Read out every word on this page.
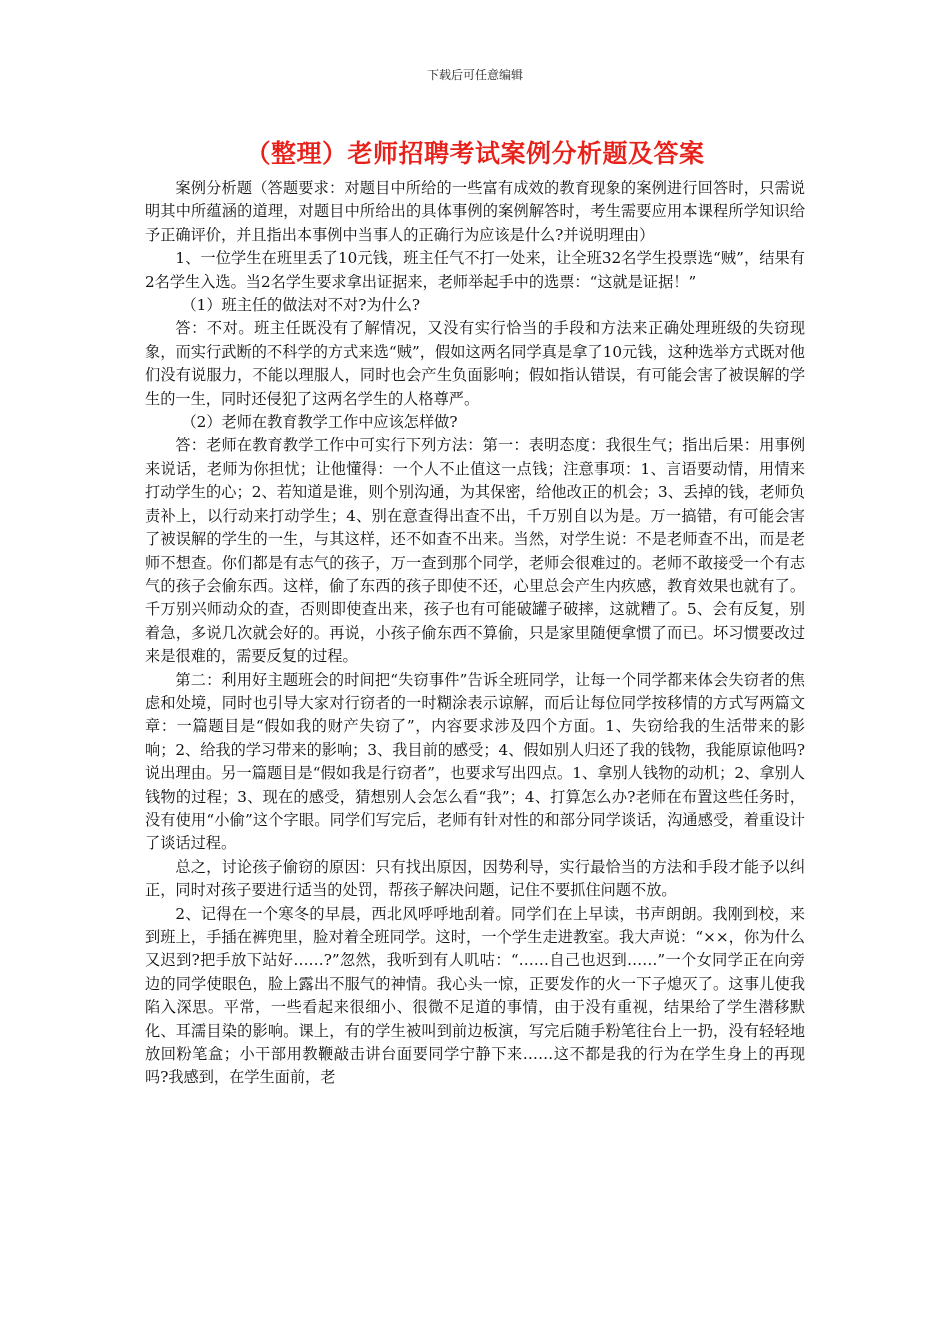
下载后可任意编辑
（整理）老师招聘考试案例分析题及答案

案例分析题（答题要求：对题目中所给的一些富有成效的教育现象的案例进行回答时，只需说明其中所蕴涵的道理，对题目中所给出的具体事例的案例解答时，考生需要应用本课程所学知识给予正确评价，并且指出本事例中当事人的正确行为应该是什么?并说明理由）

1、一位学生在班里丢了10元钱，班主任气不打一处来，让全班32名学生投票选“贼”，结果有2名学生入选。当2名学生要求拿出证据来，老师举起手中的选票：“这就是证据！”

（1）班主任的做法对不对?为什么?

答：不对。班主任既没有了解情况，又没有实行恰当的手段和方法来正确处理班级的失窃现象，而实行武断的不科学的方式来选“贼”，假如这两名同学真是拿了10元钱，这种选举方式既对他们没有说服力，不能以理服人，同时也会产生负面影响；假如指认错误，有可能会害了被误解的学生的一生，同时还侵犯了这两名学生的人格尊严。

（2）老师在教育教学工作中应该怎样做?

答：老师在教育教学工作中可实行下列方法：第一：表明态度：我很生气；指出后果：用事例来说话，老师为你担忧；让他懂得：一个人不止值这一点钱；注意事项：1、言语要动情，用情来打动学生的心；2、若知道是谁，则个别沟通，为其保密，给他改正的机会；3、丢掉的钱，老师负责补上，以行动来打动学生；4、别在意查得出查不出，千万别自以为是。万一搞错，有可能会害了被误解的学生的一生，与其这样，还不如查不出来。当然，对学生说：不是老师查不出，而是老师不想查。你们都是有志气的孩子，万一查到那个同学，老师会很难过的。老师不敢接受一个有志气的孩子会偷东西。这样，偷了东西的孩子即使不还，心里总会产生内疚感，教育效果也就有了。千万别兴师动众的查，否则即使查出来，孩子也有可能破罐子破摔，这就糟了。5、会有反复，别着急，多说几次就会好的。再说，小孩子偷东西不算偷，只是家里随便拿惯了而已。坏习惯要改过来是很难的，需要反复的过程。

第二：利用好主题班会的时间把“失窃事件”告诉全班同学，让每一个同学都来体会失窃者的焦虑和处境，同时也引导大家对行窃者的一时糊涂表示谅解，而后让每位同学按移情的方式写两篇文章：一篇题目是“假如我的财产失窃了”，内容要求涉及四个方面。1、失窃给我的生活带来的影响；2、给我的学习带来的影响；3、我目前的感受；4、假如别人归还了我的钱物，我能原谅他吗?说出理由。另一篇题目是“假如我是行窃者”，也要求写出四点。1、拿别人钱物的动机；2、拿别人钱物的过程；3、现在的感受，猜想别人会怎么看“我”；4、打算怎么办?老师在布置这些任务时，没有使用“小偷”这个字眼。同学们写完后，老师有针对性的和部分同学谈话，沟通感受，着重设计了谈话过程。

总之，讨论孩子偷窃的原因：只有找出原因，因势利导，实行最恰当的方法和手段才能予以纠正，同时对孩子要进行适当的处罚，帮孩子解决问题，记住不要抓住问题不放。

2、记得在一个寒冬的早晨，西北风呼呼地刮着。同学们在上早读，书声朗朗。我刚到校，来到班上，手插在裤兜里，脸对着全班同学。这时，一个学生走进教室。我大声说：“××，你为什么又迟到?把手放下站好……?”忽然，我听到有人叽咕：“……自己也迟到……”一个女同学正在向旁边的同学使眼色，脸上露出不服气的神情。我心头一惊，正要发作的火一下子熄灭了。这事儿使我陷入深思。平常，一些看起来很细小、很微不足道的事情，由于没有重视，结果给了学生潜移默化、耳濡目染的影响。课上，有的学生被叫到前边板演，写完后随手粉笔往台上一扔，没有轻轻地放回粉笔盒；小干部用教鞭敲击讲台面要同学宁静下来……这不都是我的行为在学生身上的再现吗?我感到，在学生面前，老
